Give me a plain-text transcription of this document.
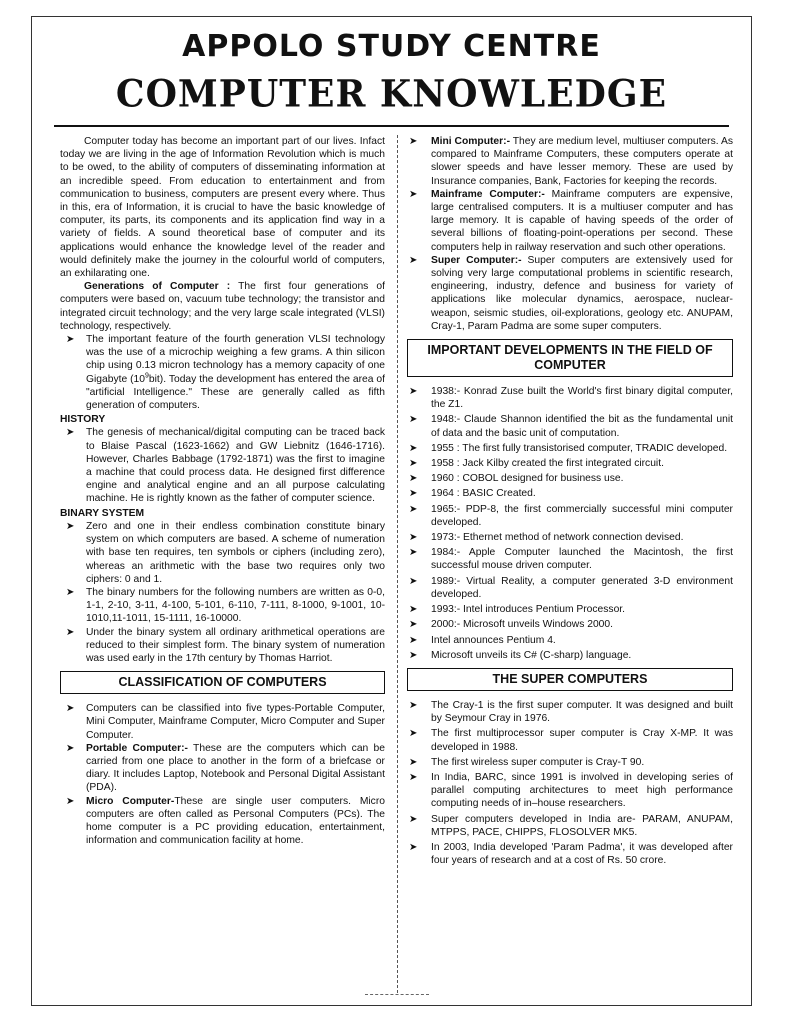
APPOLO STUDY CENTRE
COMPUTER KNOWLEDGE

Computer today has become an important part of our lives. Infact today we are living in the age of Information Revolution which is much to be owed, to the ability of computers of disseminating information at an incredible speed. From education to entertainment and from communication to business, computers are present every where. Thus in this, era of Information, it is crucial to have the basic knowledge of computer, its parts, its components and its application find way in a variety of fields. A sound theoretical base of computer and its applications would enhance the knowledge level of the reader and would definitely make the journey in the colourful world of computers, an exhilarating one.

Generations of Computer : The first four generations of computers were based on, vacuum tube technology; the transistor and integrated circuit technology; and the very large scale integrated (VLSI) technology, respectively.

➤ The important feature of the fourth generation VLSI technology was the use of a microchip weighing a few grams. A thin silicon chip using 0.13 micron technology has a memory capacity of one Gigabyte $(10^9bit)$. Today the development has entered the area of "artificial Intelligence." These are generally called as fifth generation of computers.

HISTORY

➤ The genesis of mechanical/digital computing can be traced back to Blaise Pascal (1623-1662) and GW Liebnitz (1646-1716). However, Charles Babbage (1792-1871) was the first to imagine a machine that could process data. He designed first difference engine and analytical engine and an all purpose calculating machine. He is rightly known as the father of computer science.

BINARY SYSTEM

➤ Zero and one in their endless combination constitute binary system on which computers are based. A scheme of numeration with base ten requires, ten symbols or ciphers (including zero), whereas an arithmetic with the base two requires only two ciphers: 0 and 1.
➤ The binary numbers for the following numbers are written as 0-0, 1-1, 2-10, 3-11, 4-100, 5-101, 6-110, 7-111, 8-1000, 9-1001, 10-1010,11-1011, 15-1111, 16-10000.
➤ Under the binary system all ordinary arithmetical operations are reduced to their simplest form. The binary system of numeration was used early in the 17th century by Thomas Harriot.
CLASSIFICATION OF COMPUTERS
➤ Computers can be classified into five types-Portable Computer, Mini Computer, Mainframe Computer, Micro Computer and Super Computer.
➤ Portable Computer:- These are the computers which can be carried from one place to another in the form of a briefcase or diary. It includes Laptop, Notebook and Personal Digital Assistant (PDA).
➤ Micro Computer-These are single user computers. Micro computers are often called as Personal Computers (PCs). The home computer is a PC providing education, entertainment, information and communication facility at home.
➤ Mini Computer:- They are medium level, multiuser computers. As compared to Mainframe Computers, these computers operate at slower speeds and have lesser memory. These are used by Insurance companies, Bank, Factories for keeping the records.
➤ Mainframe Computer:- Mainframe computers are expensive, large centralised computers. It is a multiuser computer and has large memory. It is capable of having speeds of the order of several billions of floating-point-operations per second. These computers help in railway reservation and such other operations.
➤ Super Computer:- Super computers are extensively used for solving very large computational problems in scientific research, engineering, industry, defence and business for variety of applications like molecular dynamics, aerospace, nuclear-weapon, seismic studies, oil-explorations, geology etc. ANUPAM, Cray-1, Param Padma are some super computers.
IMPORTANT DEVELOPMENTS IN THE FIELD OF COMPUTER
➤ 1938:- Konrad Zuse built the World's first binary digital computer, the Z1.
➤ 1948:- Claude Shannon identified the bit as the fundamental unit of data and the basic unit of computation.
➤ 1955 : The first fully transistorised computer, TRADIC developed.
➤ 1958 : Jack Kilby created the first integrated circuit.
➤ 1960 : COBOL designed for business use.
➤ 1964 : BASIC Created.
➤ 1965:- PDP-8, the first commercially successful mini computer developed.
➤ 1973:- Ethernet method of network connection devised.
➤ 1984:- Apple Computer launched the Macintosh, the first successful mouse driven computer.
➤ 1989:- Virtual Reality, a computer generated 3-D environment developed.
➤ 1993:- Intel introduces Pentium Processor.
➤ 2000:- Microsoft unveils Windows 2000.
➤ Intel announces Pentium 4.
➤ Microsoft unveils its C# (C-sharp) language.
THE SUPER COMPUTERS
➤ The Cray-1 is the first super computer. It was designed and built by Seymour Cray in 1976.
➤ The first multiprocessor super computer is Cray X-MP. It was developed in 1988.
➤ The first wireless super computer is Cray-T 90.
➤ In India, BARC, since 1991 is involved in developing series of parallel computing architectures to meet high performance computing needs of in–house researchers.
➤ Super computers developed in India are- PARAM, ANUPAM, MTPPS, PACE, CHIPPS, FLOSOLVER MK5.
➤ In 2003, India developed 'Param Padma', it was developed after four years of research and at a cost of Rs. 50 crore.
